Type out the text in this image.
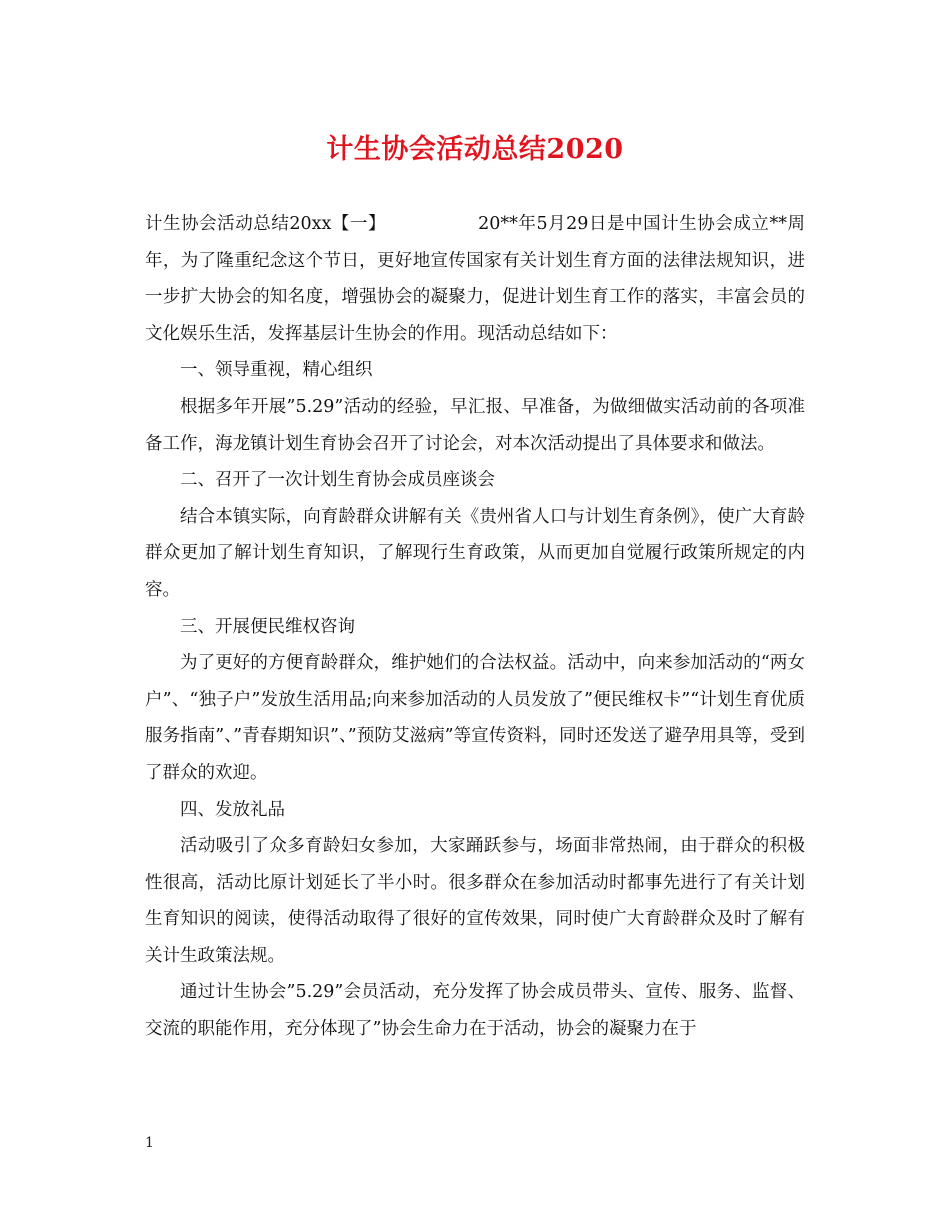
计生协会活动总结2020

计生协会活动总结20xx【一】	20**年5月29日是中国计生协会成立**周年，为了隆重纪念这个节日，更好地宣传国家有关计划生育方面的法律法规知识，进一步扩大协会的知名度，增强协会的凝聚力，促进计划生育工作的落实，丰富会员的文化娱乐生活，发挥基层计生协会的作用。现活动总结如下：

一、领导重视，精心组织

根据多年开展”5.29”活动的经验，早汇报、早准备，为做细做实活动前的各项准备工作，海龙镇计划生育协会召开了讨论会，对本次活动提出了具体要求和做法。

二、召开了一次计划生育协会成员座谈会

结合本镇实际，向育龄群众讲解有关《贵州省人口与计划生育条例》，使广大育龄群众更加了解计划生育知识，了解现行生育政策，从而更加自觉履行政策所规定的内容。

三、开展便民维权咨询

为了更好的方便育龄群众，维护她们的合法权益。活动中，向来参加活动的“两女户”、“独子户”发放生活用品;向来参加活动的人员发放了”便民维权卡”“计划生育优质服务指南”、”青春期知识”、”预防艾滋病”等宣传资料，同时还发送了避孕用具等，受到了群众的欢迎。

四、发放礼品

活动吸引了众多育龄妇女参加，大家踊跃参与，场面非常热闹，由于群众的积极性很高，活动比原计划延长了半小时。很多群众在参加活动时都事先进行了有关计划生育知识的阅读，使得活动取得了很好的宣传效果，同时使广大育龄群众及时了解有关计生政策法规。

通过计生协会”5.29”会员活动，充分发挥了协会成员带头、宣传、服务、监督、交流的职能作用，充分体现了”协会生命力在于活动，协会的凝聚力在于

1
